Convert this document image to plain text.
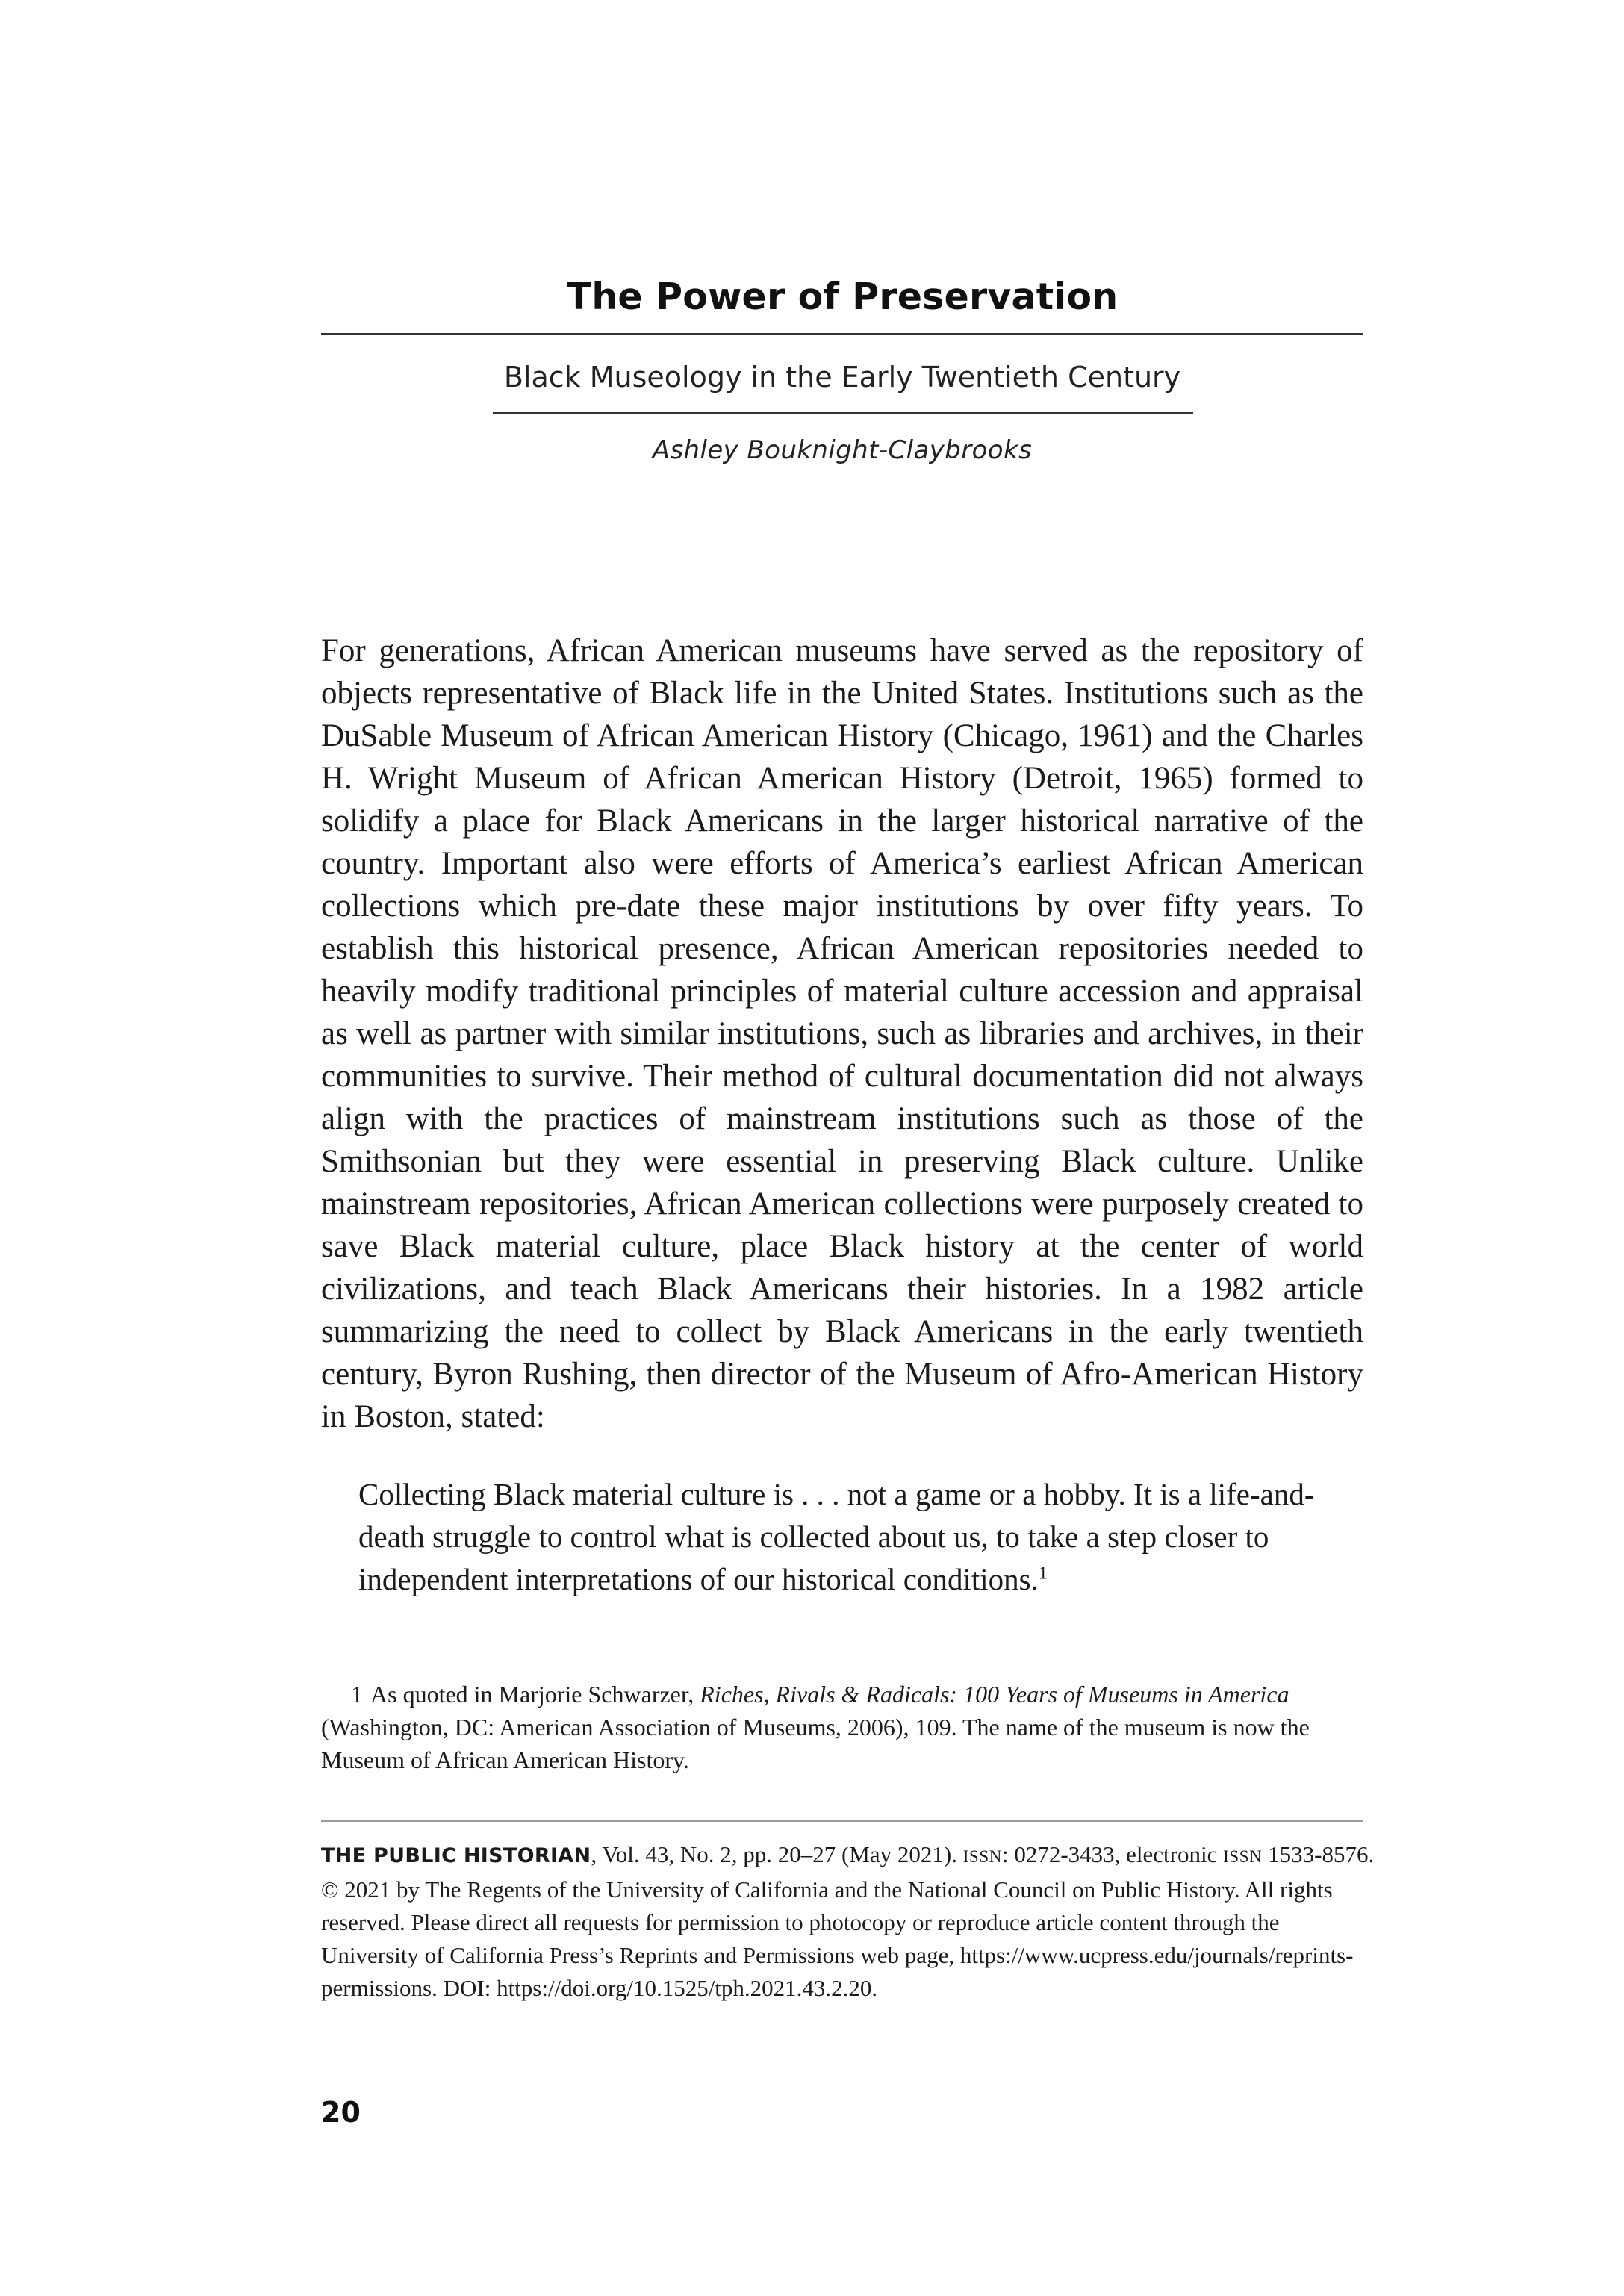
The Power of Preservation
Black Museology in the Early Twentieth Century
Ashley Bouknight-Claybrooks

For generations, African American museums have served as the repository of objects representative of Black life in the United States. Institutions such as the DuSable Museum of African American History (Chicago, 1961) and the Charles H. Wright Museum of African American History (Detroit, 1965) formed to solidify a place for Black Americans in the larger historical narrative of the country. Important also were efforts of America’s earliest African American collections which pre-date these major institutions by over fifty years. To establish this historical presence, African American repositories needed to heavily modify traditional principles of material culture accession and appraisal as well as partner with similar institutions, such as libraries and archives, in their communities to survive. Their method of cultural documentation did not always align with the practices of mainstream institutions such as those of the Smithsonian but they were essential in preserving Black culture. Unlike mainstream repositories, African American collections were purposely created to save Black material culture, place Black history at the center of world civilizations, and teach Black Americans their histories. In a 1982 article summarizing the need to collect by Black Americans in the early twentieth century, Byron Rushing, then director of the Museum of Afro-American History in Boston, stated:

Collecting Black material culture is . . . not a game or a hobby. It is a life-and-death struggle to control what is collected about us, to take a step closer to independent interpretations of our historical conditions.$^1$

1 As quoted in Marjorie Schwarzer, Riches, Rivals & Radicals: 100 Years of Museums in America (Washington, DC: American Association of Museums, 2006), 109. The name of the museum is now the Museum of African American History.

THE PUBLIC HISTORIAN, Vol. 43, No. 2, pp. 20–27 (May 2021). ISSN: 0272-3433, electronic ISSN 1533-8576. © 2021 by The Regents of the University of California and the National Council on Public History. All rights reserved. Please direct all requests for permission to photocopy or reproduce article content through the University of California Press’s Reprints and Permissions web page, https://www.ucpress.edu/journals/reprints-permissions. DOI: https://doi.org/10.1525/tph.2021.43.2.20.

20
